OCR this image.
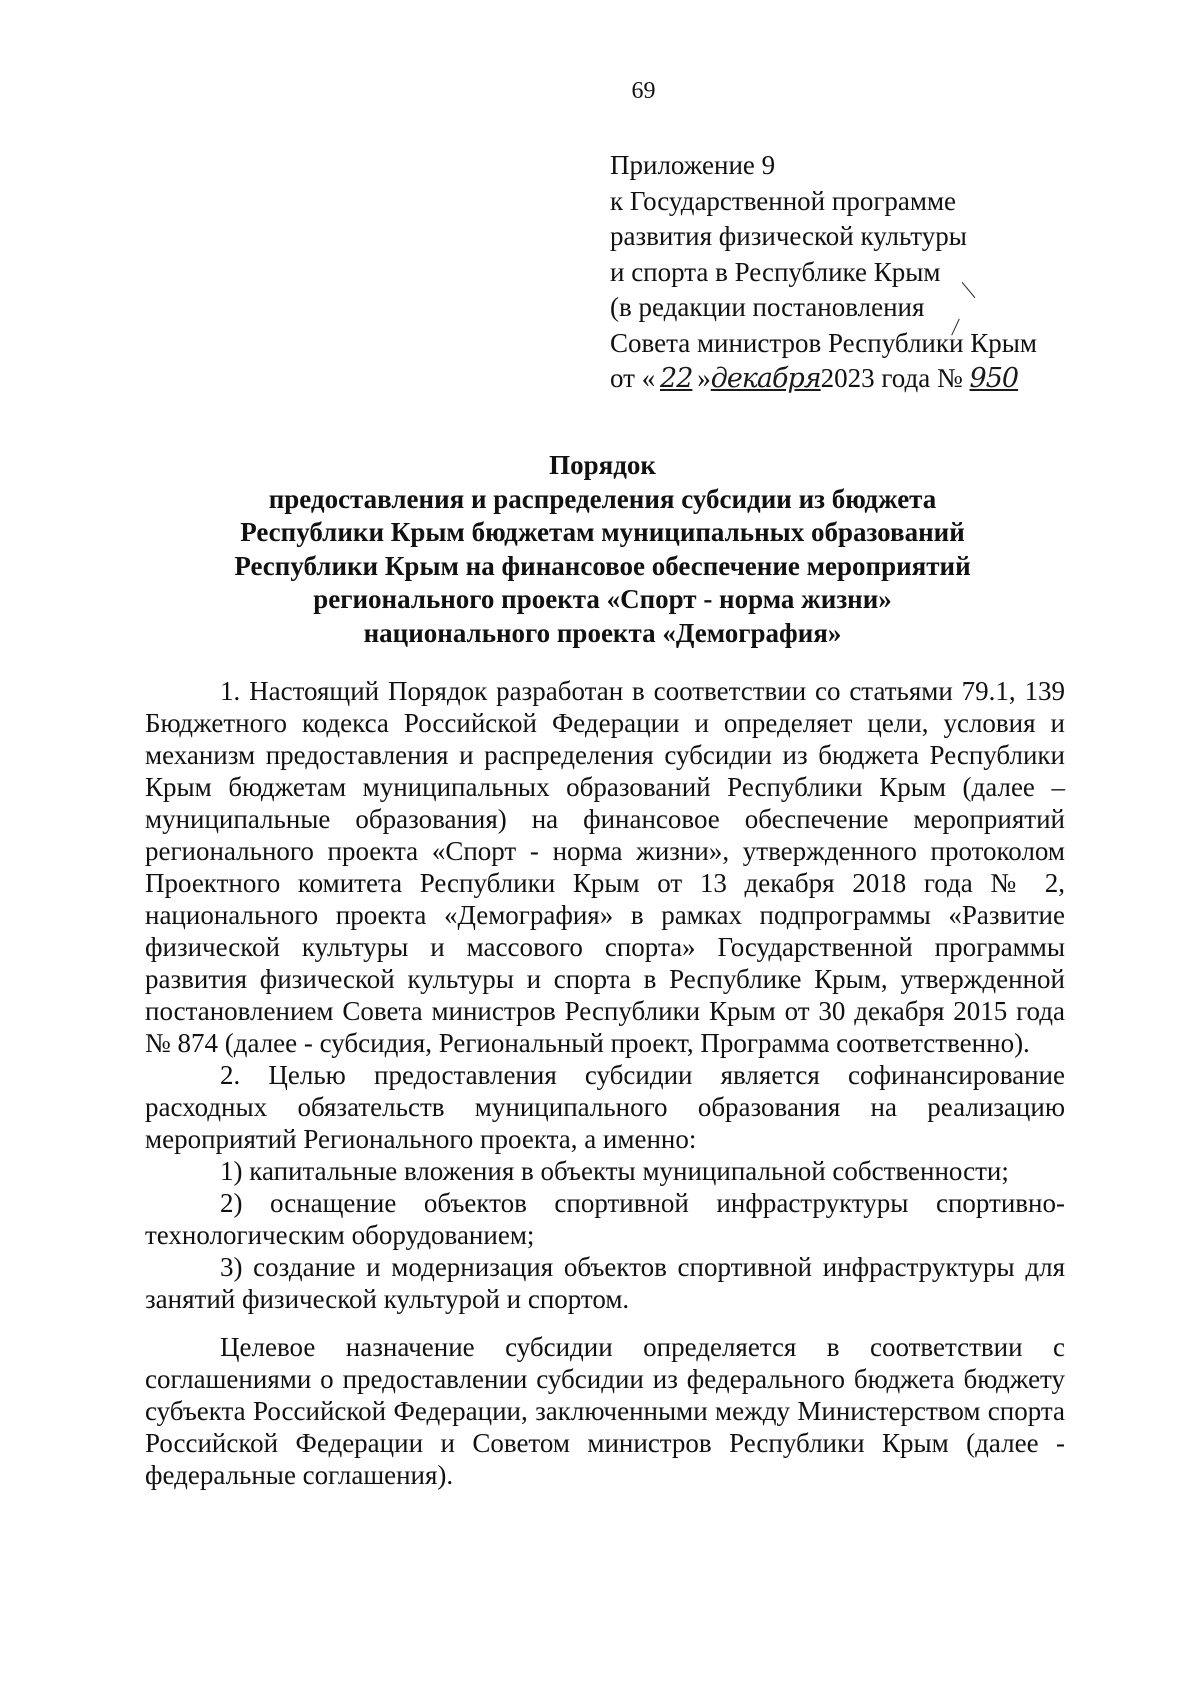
69
Приложение 9
к Государственной программе
развития физической культуры
и спорта в Республике Крым
(в редакции постановления
Совета министров Республики Крым
от « 22 »декабря2023 года № 950
Порядок
предоставления и распределения субсидии из бюджета
Республики Крым бюджетам муниципальных образований
Республики Крым на финансовое обеспечение мероприятий
регионального проекта «Спорт - норма жизни»
национального проекта «Демография»

1. Настоящий Порядок разработан в соответствии со статьями 79.1, 139 Бюджетного кодекса Российской Федерации и определяет цели, условия и механизм предоставления и распределения субсидии из бюджета Республики Крым бюджетам муниципальных образований Республики Крым (далее – муниципальные образования) на финансовое обеспечение мероприятий регионального проекта «Спорт - норма жизни», утвержденного протоколом Проектного комитета Республики Крым от 13 декабря 2018 года № 2, национального проекта «Демография» в рамках подпрограммы «Развитие физической культуры и массового спорта» Государственной программы развития физической культуры и спорта в Республике Крым, утвержденной постановлением Совета министров Республики Крым от 30 декабря 2015 года № 874 (далее - субсидия, Региональный проект, Программа соответственно).

2. Целью предоставления субсидии является софинансирование расходных обязательств муниципального образования на реализацию мероприятий Регионального проекта, а именно:

1) капитальные вложения в объекты муниципальной собственности;

2) оснащение объектов спортивной инфраструктуры спортивно-технологическим оборудованием;

3) создание и модернизация объектов спортивной инфраструктуры для занятий физической культурой и спортом.

Целевое назначение субсидии определяется в соответствии с соглашениями о предоставлении субсидии из федерального бюджета бюджету субъекта Российской Федерации, заключенными между Министерством спорта Российской Федерации и Советом министров Республики Крым (далее - федеральные соглашения).
